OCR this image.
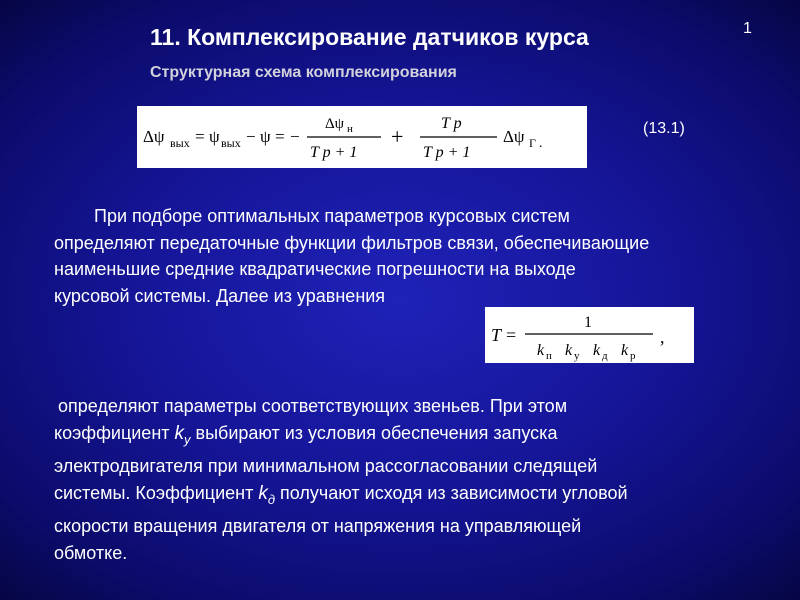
1
11. Комплексирование датчиков курса
Структурная схема комплексирования
Δψ вых = ψ вых − ψ = −
Δψ н
T p + 1
+
T p
T p + 1
Δψ Г .
(13.1)
При подборе оптимальных параметров курсовых систем
определяют передаточные функции фильтров связи, обеспечивающие
наименьшие средние квадратические погрешности на выходе
курсовой системы. Далее из уравнения
T =
1
k п k у k д k р
,
определяют параметры соответствующих звеньев. При этом
коэффициент $k_у$ выбирают из условия обеспечения запуска
электродвигателя при минимальном рассогласовании следящей
системы. Коэффициент $k_д$ получают исходя из зависимости угловой
скорости вращения двигателя от напряжения на управляющей
обмотке.
